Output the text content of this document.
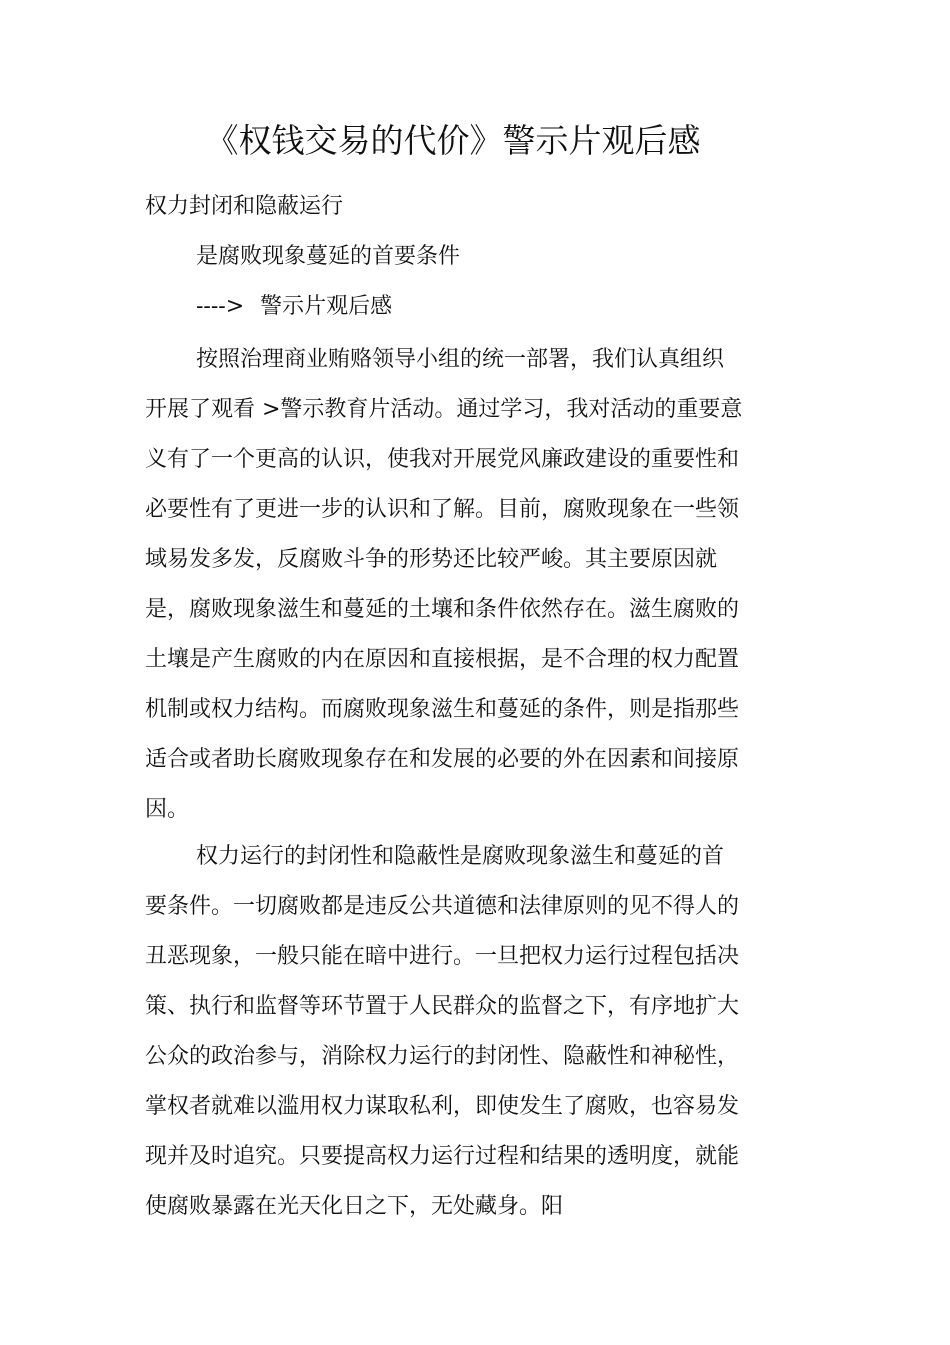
《权钱交易的代价》警示片观后感
权力封闭和隐蔽运行
是腐败现象蔓延的首要条件
----> 警示片观后感

按照治理商业贿赂领导小组的统一部署，我们认真组织开展了观看 >警示教育片活动。通过学习，我对活动的重要意义有了一个更高的认识，使我对开展党风廉政建设的重要性和必要性有了更进一步的认识和了解。目前，腐败现象在一些领域易发多发，反腐败斗争的形势还比较严峻。其主要原因就是，腐败现象滋生和蔓延的土壤和条件依然存在。滋生腐败的土壤是产生腐败的内在原因和直接根据，是不合理的权力配置机制或权力结构。而腐败现象滋生和蔓延的条件，则是指那些适合或者助长腐败现象存在和发展的必要的外在因素和间接原因。

权力运行的封闭性和隐蔽性是腐败现象滋生和蔓延的首要条件。一切腐败都是违反公共道德和法律原则的见不得人的丑恶现象，一般只能在暗中进行。一旦把权力运行过程包括决策、执行和监督等环节置于人民群众的监督之下，有序地扩大公众的政治参与，消除权力运行的封闭性、隐蔽性和神秘性，掌权者就难以滥用权力谋取私利，即使发生了腐败，也容易发现并及时追究。只要提高权力运行过程和结果的透明度，就能使腐败暴露在光天化日之下，无处藏身。阳
